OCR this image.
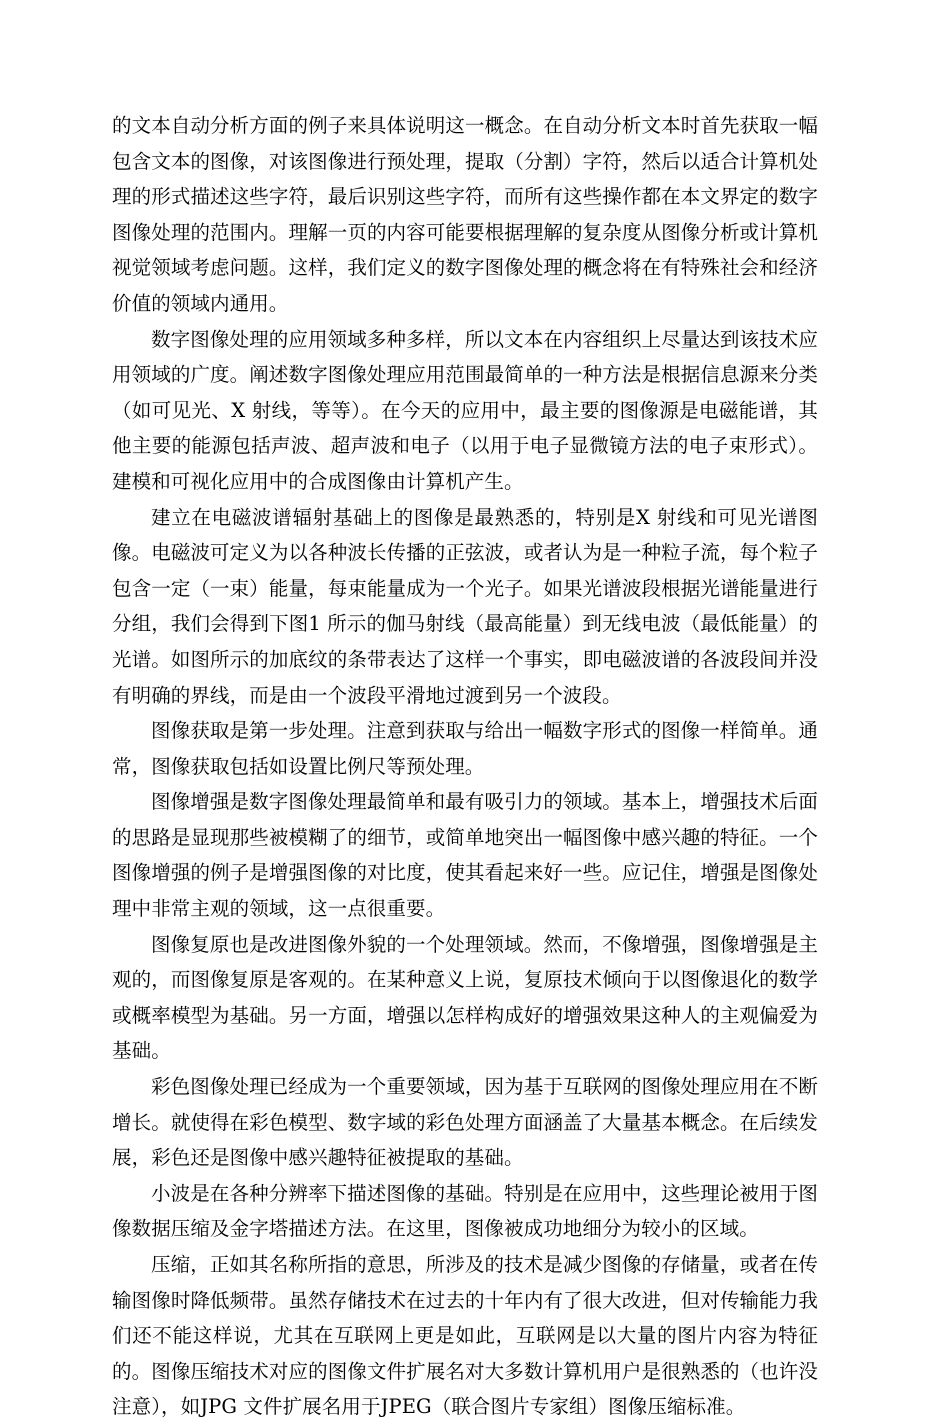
的文本自动分析方面的例子来具体说明这一概念。在自动分析文本时首先获取一幅包含文本的图像，对该图像进行预处理，提取（分割）字符，然后以适合计算机处理的形式描述这些字符，最后识别这些字符，而所有这些操作都在本文界定的数字图像处理的范围内。理解一页的内容可能要根据理解的复杂度从图像分析或计算机视觉领域考虑问题。这样，我们定义的数字图像处理的概念将在有特殊社会和经济价值的领域内通用。

数字图像处理的应用领域多种多样，所以文本在内容组织上尽量达到该技术应用领域的广度。阐述数字图像处理应用范围最简单的一种方法是根据信息源来分类（如可见光、X 射线，等等）。在今天的应用中，最主要的图像源是电磁能谱，其他主要的能源包括声波、超声波和电子（以用于电子显微镜方法的电子束形式）。建模和可视化应用中的合成图像由计算机产生。

建立在电磁波谱辐射基础上的图像是最熟悉的，特别是X 射线和可见光谱图像。电磁波可定义为以各种波长传播的正弦波，或者认为是一种粒子流，每个粒子包含一定（一束）能量，每束能量成为一个光子。如果光谱波段根据光谱能量进行分组，我们会得到下图1 所示的伽马射线（最高能量）到无线电波（最低能量）的光谱。如图所示的加底纹的条带表达了这样一个事实，即电磁波谱的各波段间并没有明确的界线，而是由一个波段平滑地过渡到另一个波段。

图像获取是第一步处理。注意到获取与给出一幅数字形式的图像一样简单。通常，图像获取包括如设置比例尺等预处理。

图像增强是数字图像处理最简单和最有吸引力的领域。基本上，增强技术后面的思路是显现那些被模糊了的细节，或简单地突出一幅图像中感兴趣的特征。一个图像增强的例子是增强图像的对比度，使其看起来好一些。应记住，增强是图像处理中非常主观的领域，这一点很重要。

图像复原也是改进图像外貌的一个处理领域。然而，不像增强，图像增强是主观的，而图像复原是客观的。在某种意义上说，复原技术倾向于以图像退化的数学或概率模型为基础。另一方面，增强以怎样构成好的增强效果这种人的主观偏爱为基础。

彩色图像处理已经成为一个重要领域，因为基于互联网的图像处理应用在不断增长。就使得在彩色模型、数字域的彩色处理方面涵盖了大量基本概念。在后续发展，彩色还是图像中感兴趣特征被提取的基础。

小波是在各种分辨率下描述图像的基础。特别是在应用中，这些理论被用于图像数据压缩及金字塔描述方法。在这里，图像被成功地细分为较小的区域。

压缩，正如其名称所指的意思，所涉及的技术是减少图像的存储量，或者在传输图像时降低频带。虽然存储技术在过去的十年内有了很大改进，但对传输能力我们还不能这样说，尤其在互联网上更是如此，互联网是以大量的图片内容为特征的。图像压缩技术对应的图像文件扩展名对大多数计算机用户是很熟悉的（也许没注意），如JPG 文件扩展名用于JPEG（联合图片专家组）图像压缩标准。
